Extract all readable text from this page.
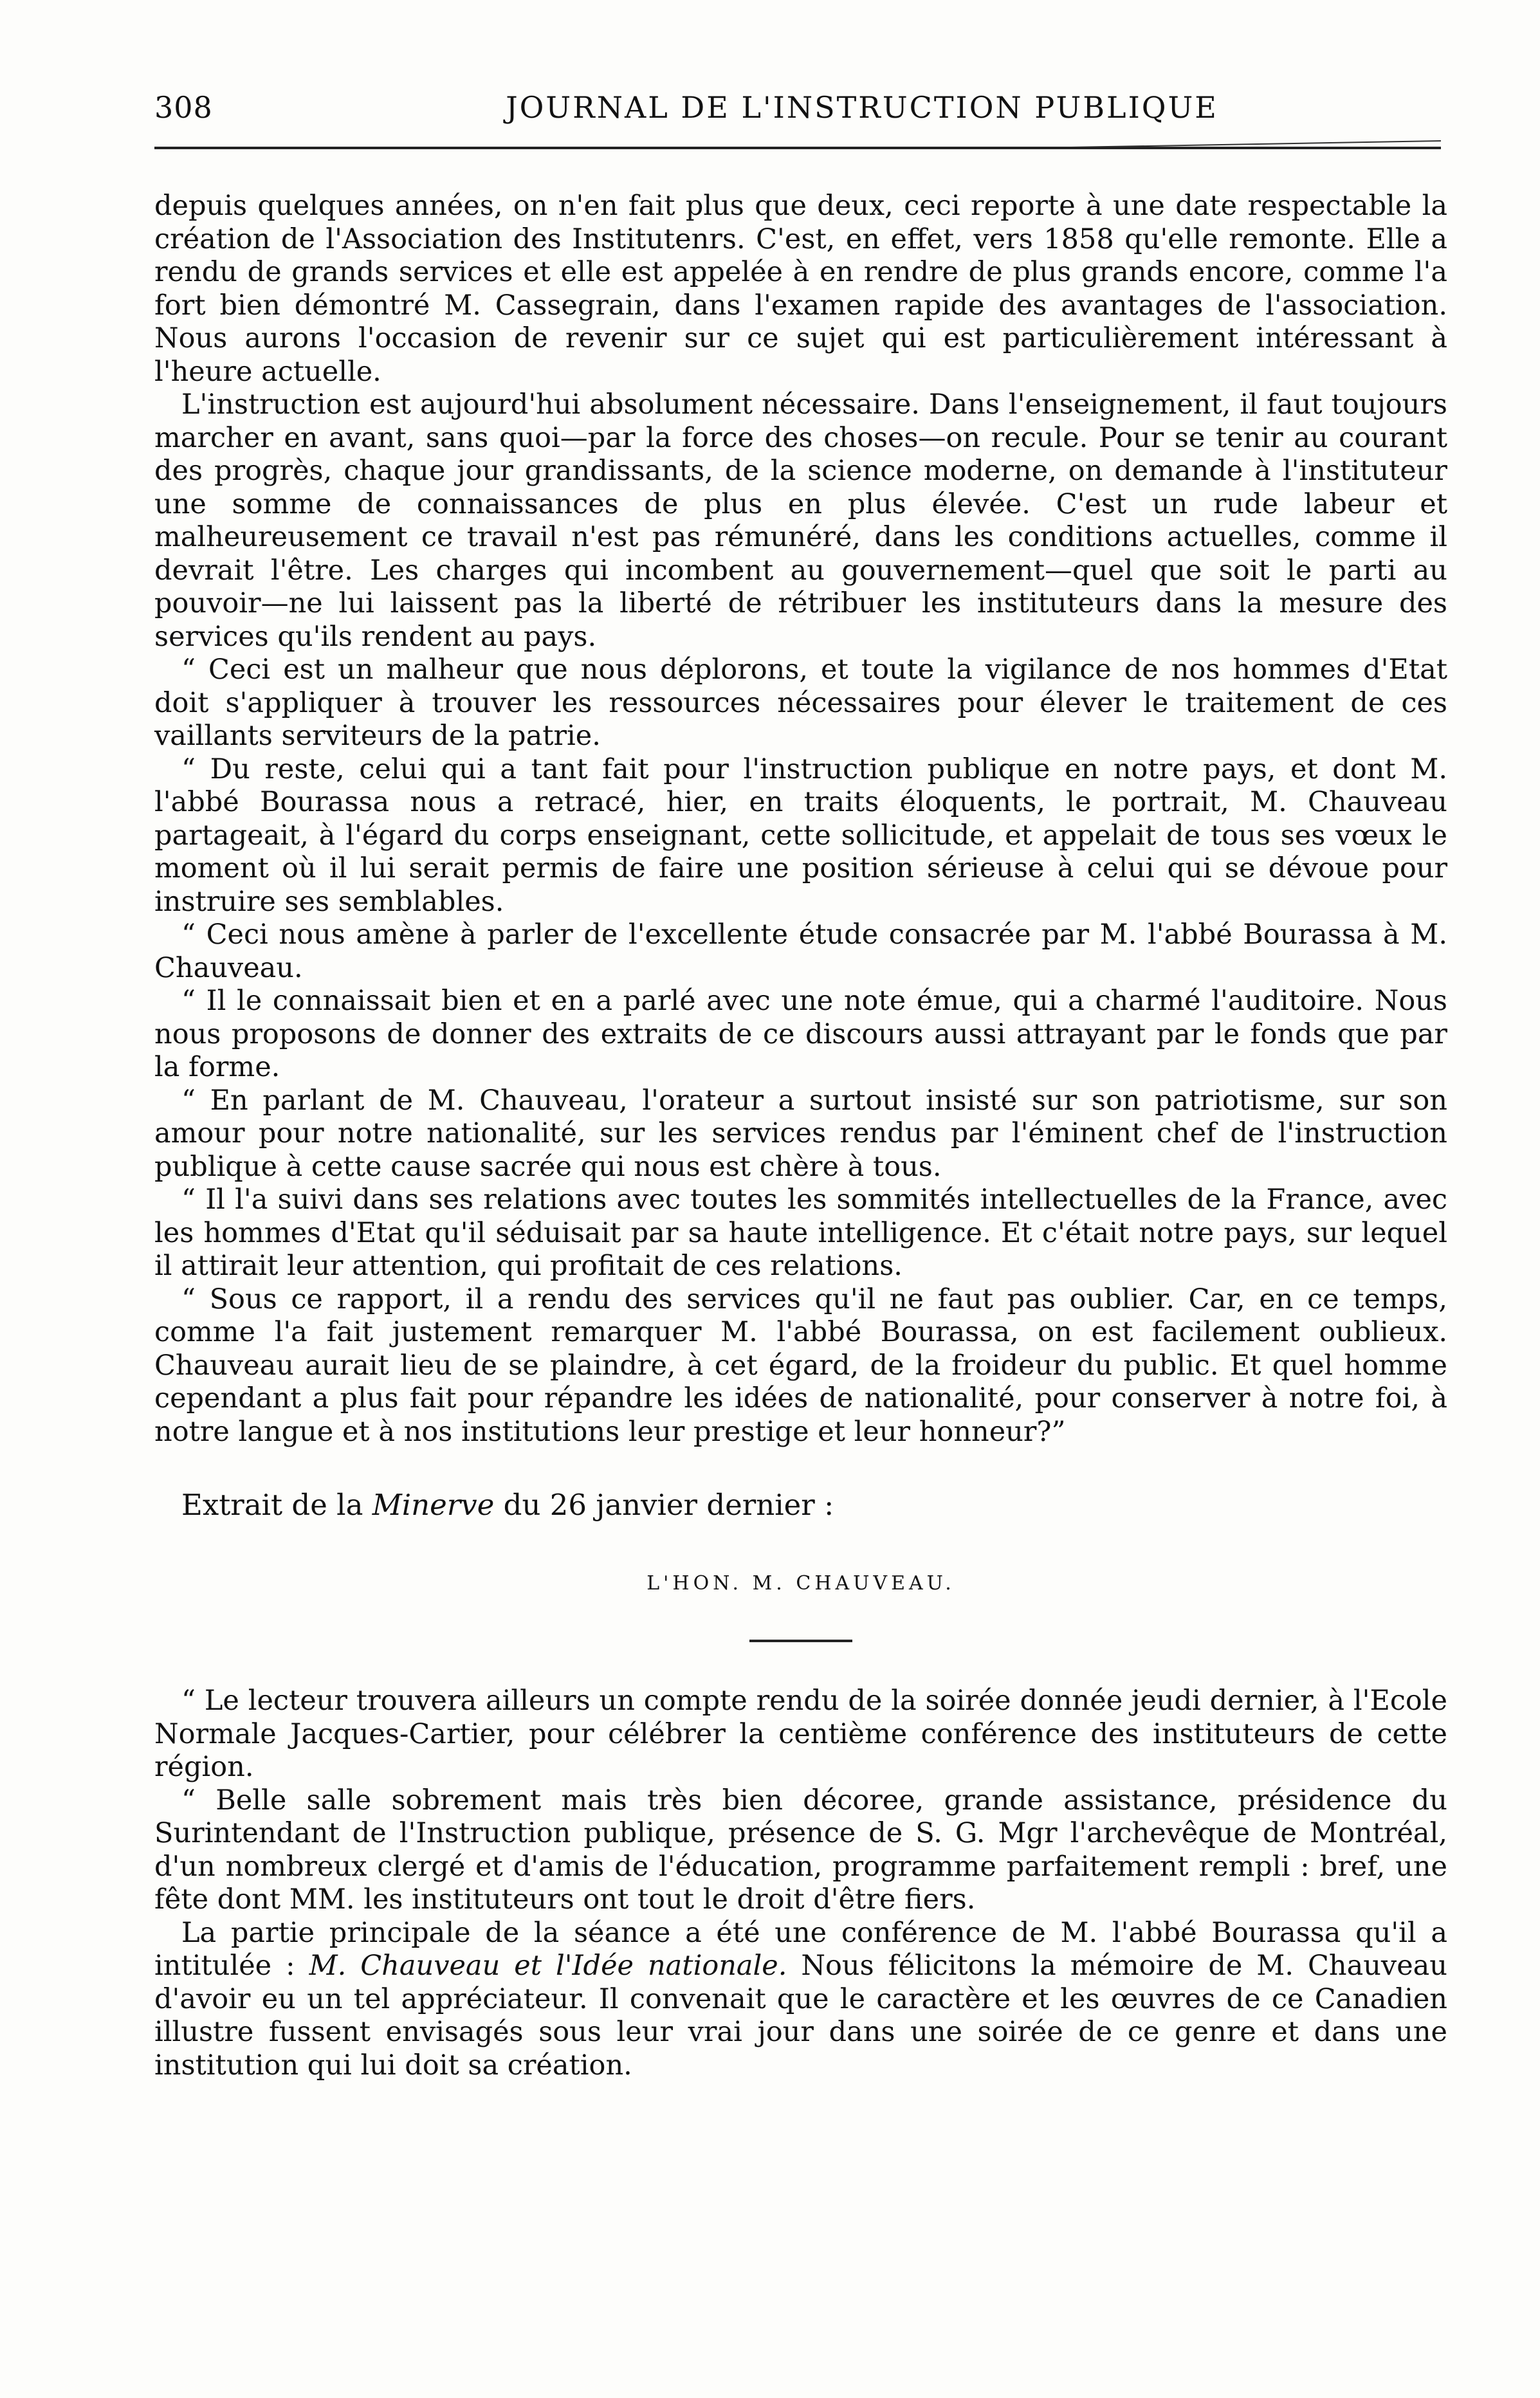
308	JOURNAL DE L'INSTRUCTION PUBLIQUE

depuis quelques années, on n'en fait plus que deux, ceci reporte à une date respectable la création de l'Association des Institutenrs. C'est, en effet, vers 1858 qu'elle remonte. Elle a rendu de grands services et elle est appelée à en rendre de plus grands encore, comme l'a fort bien démontré M. Cassegrain, dans l'examen rapide des avantages de l'association. Nous aurons l'occasion de revenir sur ce sujet qui est particulièrement intéressant à l'heure actuelle.

L'instruction est aujourd'hui absolument nécessaire. Dans l'enseignement, il faut toujours marcher en avant, sans quoi—par la force des choses—on recule. Pour se tenir au courant des progrès, chaque jour grandissants, de la science moderne, on demande à l'instituteur une somme de connaissances de plus en plus élevée. C'est un rude labeur et malheureusement ce travail n'est pas rémunéré, dans les conditions actuelles, comme il devrait l'être. Les charges qui incombent au gouvernement—quel que soit le parti au pouvoir—ne lui laissent pas la liberté de rétribuer les instituteurs dans la mesure des services qu'ils rendent au pays.

“ Ceci est un malheur que nous déplorons, et toute la vigilance de nos hommes d'Etat doit s'appliquer à trouver les ressources nécessaires pour élever le traitement de ces vaillants serviteurs de la patrie.

“ Du reste, celui qui a tant fait pour l'instruction publique en notre pays, et dont M. l'abbé Bourassa nous a retracé, hier, en traits éloquents, le portrait, M. Chauveau partageait, à l'égard du corps enseignant, cette sollicitude, et appelait de tous ses vœux le moment où il lui serait permis de faire une position sérieuse à celui qui se dévoue pour instruire ses semblables.

“ Ceci nous amène à parler de l'excellente étude consacrée par M. l'abbé Bourassa à M. Chauveau.

“ Il le connaissait bien et en a parlé avec une note émue, qui a charmé l'auditoire. Nous nous proposons de donner des extraits de ce discours aussi attrayant par le fonds que par la forme.

“ En parlant de M. Chauveau, l'orateur a surtout insisté sur son patriotisme, sur son amour pour notre nationalité, sur les services rendus par l'éminent chef de l'instruction publique à cette cause sacrée qui nous est chère à tous.

“ Il l'a suivi dans ses relations avec toutes les sommités intellectuelles de la France, avec les hommes d'Etat qu'il séduisait par sa haute intelligence. Et c'était notre pays, sur lequel il attirait leur attention, qui profitait de ces relations.

“ Sous ce rapport, il a rendu des services qu'il ne faut pas oublier. Car, en ce temps, comme l'a fait justement remarquer M. l'abbé Bourassa, on est facilement oublieux. Chauveau aurait lieu de se plaindre, à cet égard, de la froideur du public. Et quel homme cependant a plus fait pour répandre les idées de nationalité, pour conserver à notre foi, à notre langue et à nos institutions leur prestige et leur honneur?”

Extrait de la Minerve du 26 janvier dernier :

L'HON. M. CHAUVEAU.

“ Le lecteur trouvera ailleurs un compte rendu de la soirée donnée jeudi dernier, à l'Ecole Normale Jacques-Cartier, pour célébrer la centième conférence des instituteurs de cette région.

“ Belle salle sobrement mais très bien décoree, grande assistance, présidence du Surintendant de l'Instruction publique, présence de S. G. Mgr l'archevêque de Montréal, d'un nombreux clergé et d'amis de l'éducation, programme parfaitement rempli : bref, une fête dont MM. les instituteurs ont tout le droit d'être fiers.

La partie principale de la séance a été une conférence de M. l'abbé Bourassa qu'il a intitulée : M. Chauveau et l'Idée nationale. Nous félicitons la mémoire de M. Chauveau d'avoir eu un tel appréciateur. Il convenait que le caractère et les œuvres de ce Canadien illustre fussent envisagés sous leur vrai jour dans une soirée de ce genre et dans une institution qui lui doit sa création.
